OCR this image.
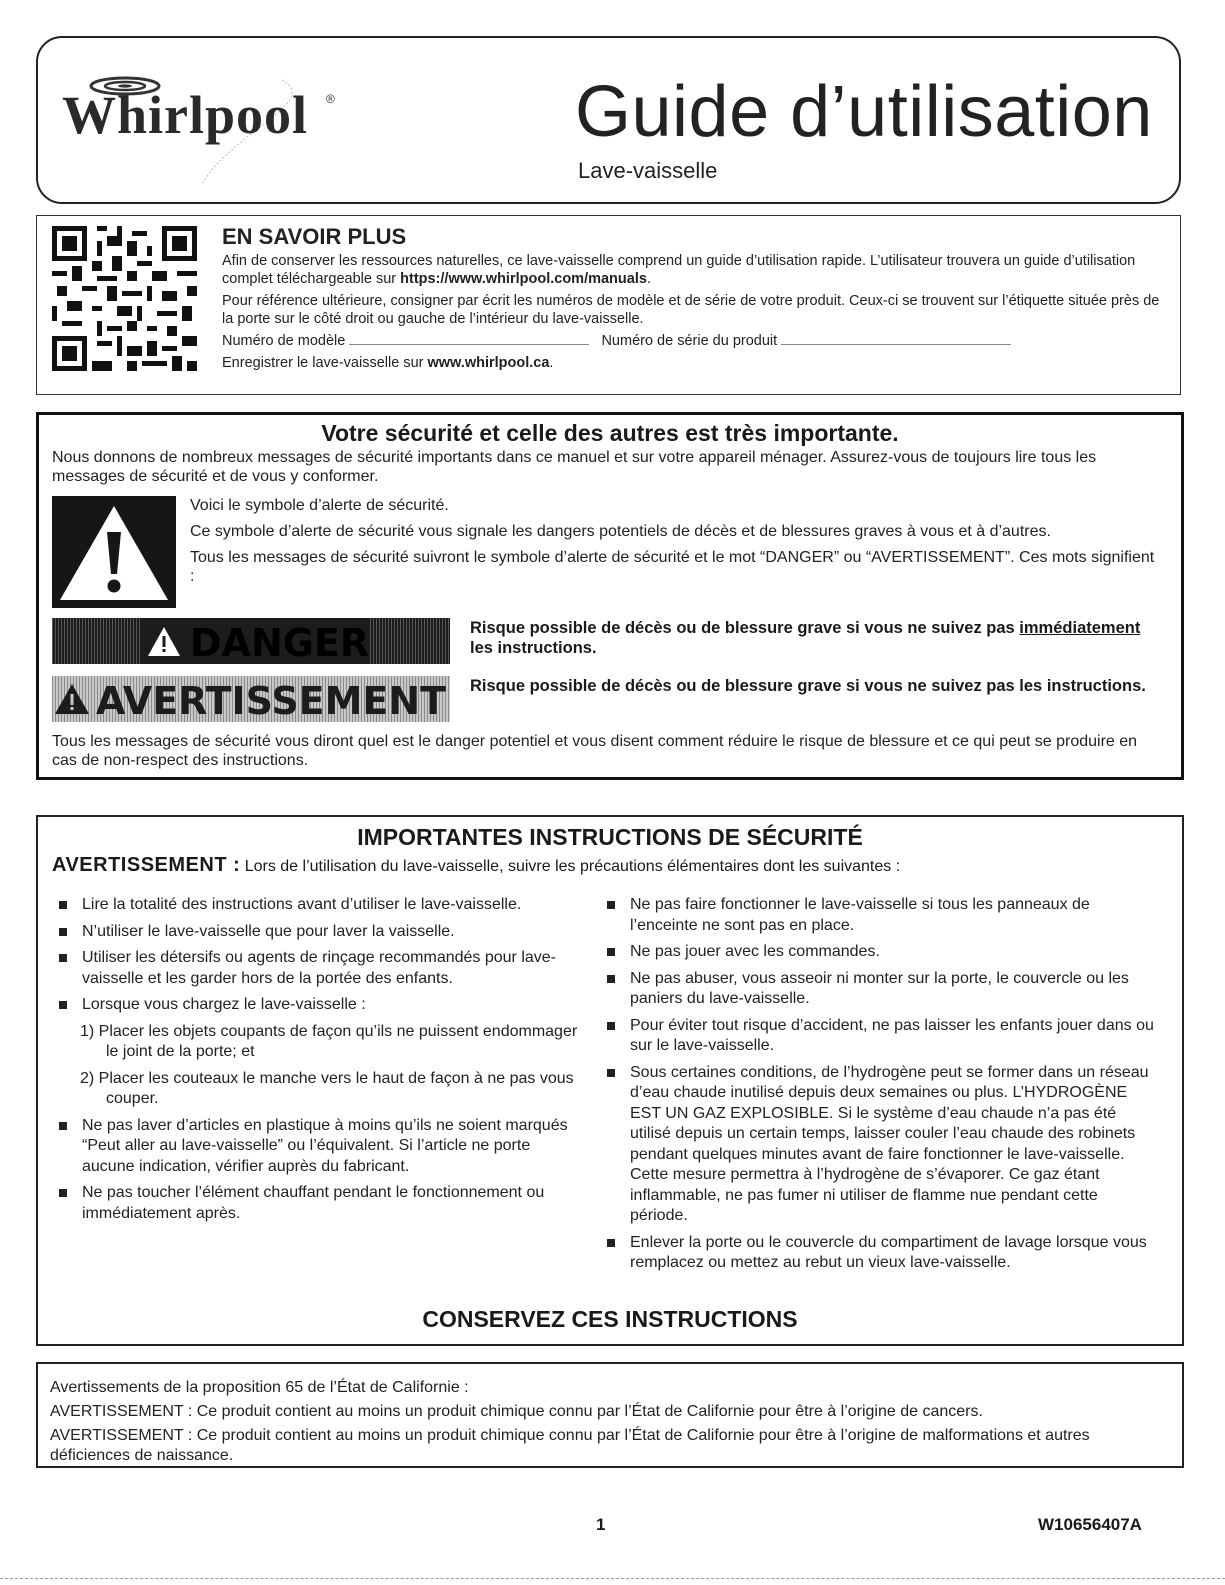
Whirlpool ®	Guide d’utilisation
Lave-vaisselle
EN SAVOIR PLUS

Afin de conserver les ressources naturelles, ce lave-vaisselle comprend un guide d’utilisation rapide. L’utilisateur trouvera un guide d’utilisation complet téléchargeable sur https://www.whirlpool.com/manuals.

Pour référence ultérieure, consigner par écrit les numéros de modèle et de série de votre produit. Ceux-ci se trouvent sur l’étiquette située près de la porte sur le côté droit ou gauche de l’intérieur du lave-vaisselle.

Numéro de modèle	Numéro de série du produit

Enregistrer le lave-vaisselle sur www.whirlpool.ca.

Votre sécurité et celle des autres est très importante.

Nous donnons de nombreux messages de sécurité importants dans ce manuel et sur votre appareil ménager. Assurez-vous de toujours lire tous les messages de sécurité et de vous y conformer.

Voici le symbole d’alerte de sécurité.

Ce symbole d’alerte de sécurité vous signale les dangers potentiels de décès et de blessures graves à vous et à d’autres.

Tous les messages de sécurité suivront le symbole d’alerte de sécurité et le mot “DANGER” ou “AVERTISSEMENT”. Ces mots signifient :

DANGER	Risque possible de décès ou de blessure grave si vous ne suivez pas immédiatement les instructions.
AVERTISSEMENT Risque possible de décès ou de blessure grave si vous ne suivez pas les instructions.

Tous les messages de sécurité vous diront quel est le danger potentiel et vous disent comment réduire le risque de blessure et ce qui peut se produire en cas de non-respect des instructions.

IMPORTANTES INSTRUCTIONS DE SÉCURITÉ

AVERTISSEMENT : Lors de l’utilisation du lave-vaisselle, suivre les précautions élémentaires dont les suivantes :

Lire la totalité des instructions avant d’utiliser le lave-vaisselle.

N’utiliser le lave-vaisselle que pour laver la vaisselle.

Utiliser les détersifs ou agents de rinçage recommandés pour lave-vaisselle et les garder hors de la portée des enfants.

Lorsque vous chargez le lave-vaisselle :

1) Placer les objets coupants de façon qu’ils ne puissent endommager le joint de la porte; et

2) Placer les couteaux le manche vers le haut de façon à ne pas vous couper.

Ne pas laver d’articles en plastique à moins qu’ils ne soient marqués “Peut aller au lave-vaisselle” ou l’équivalent. Si l’article ne porte aucune indication, vérifier auprès du fabricant.

Ne pas toucher l’élément chauffant pendant le fonctionnement ou immédiatement après.

Ne pas faire fonctionner le lave-vaisselle si tous les panneaux de l’enceinte ne sont pas en place.

Ne pas jouer avec les commandes.

Ne pas abuser, vous asseoir ni monter sur la porte, le couvercle ou les paniers du lave-vaisselle.

Pour éviter tout risque d’accident, ne pas laisser les enfants jouer dans ou sur le lave-vaisselle.

Sous certaines conditions, de l’hydrogène peut se former dans un réseau d’eau chaude inutilisé depuis deux semaines ou plus. L’HYDROGÈNE EST UN GAZ EXPLOSIBLE. Si le système d’eau chaude n’a pas été utilisé depuis un certain temps, laisser couler l’eau chaude des robinets pendant quelques minutes avant de faire fonctionner le lave-vaisselle. Cette mesure permettra à l’hydrogène de s’évaporer. Ce gaz étant inflammable, ne pas fumer ni utiliser de flamme nue pendant cette période.

Enlever la porte ou le couvercle du compartiment de lavage lorsque vous remplacez ou mettez au rebut un vieux lave-vaisselle.

CONSERVEZ CES INSTRUCTIONS

Avertissements de la proposition 65 de l’État de Californie :

AVERTISSEMENT : Ce produit contient au moins un produit chimique connu par l’État de Californie pour être à l’origine de cancers.

AVERTISSEMENT : Ce produit contient au moins un produit chimique connu par l’État de Californie pour être à l’origine de malformations et autres déficiences de naissance.

1	W10656407A
